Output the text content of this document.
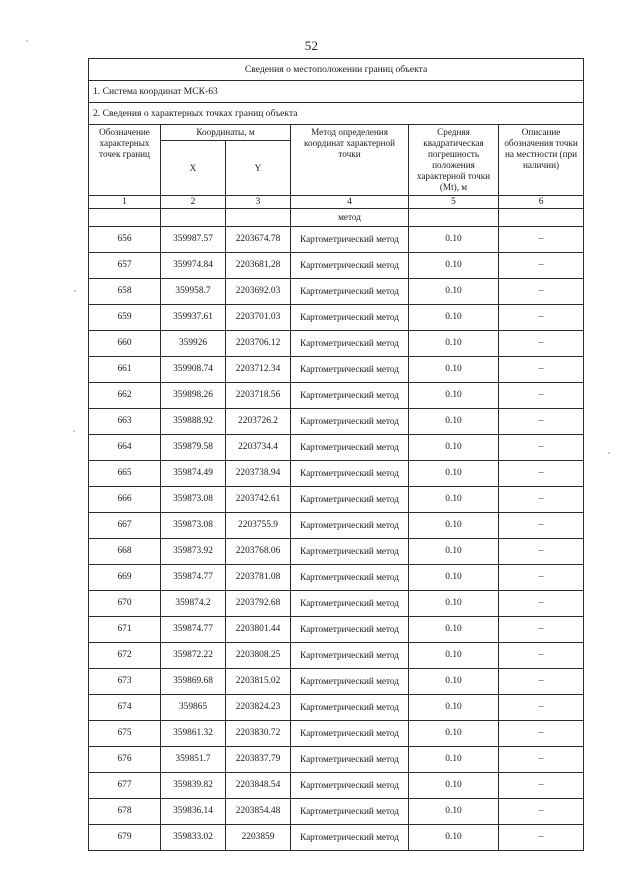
52
Сведения о местоположении границ объекта					
1. Система координат МСК-63					
2. Сведения о характерных точках границ объекта					
Обозначение характерных точек границ	Координаты, м		Метод определения координат характерной точки	Средняя квадратическая погрешность положения характерной точки (Мt), м	Описание обозначения точки на местности (при наличии)
	X	Y			
1	2	3	4	5	6
			метод		
656	359987.57	2203674.78	Картометрический метод	0.10	–
657	359974.84	2203681.28	Картометрический метод	0.10	–
658	359958.7	2203692.03	Картометрический метод	0.10	–
659	359937.61	2203701.03	Картометрический метод	0.10	–
660	359926	2203706.12	Картометрический метод	0.10	–
661	359908.74	2203712.34	Картометрический метод	0.10	–
662	359898.26	2203718.56	Картометрический метод	0.10	–
663	359888.92	2203726.2	Картометрический метод	0.10	–
664	359879.58	2203734.4	Картометрический метод	0.10	–
665	359874.49	2203738.94	Картометрический метод	0.10	–
666	359873.08	2203742.61	Картометрический метод	0.10	–
667	359873.08	2203755.9	Картометрический метод	0.10	–
668	359873.92	2203768.06	Картометрический метод	0.10	–
669	359874.77	2203781.08	Картометрический метод	0.10	–
670	359874.2	2203792.68	Картометрический метод	0.10	–
671	359874.77	2203801.44	Картометрический метод	0.10	–
672	359872.22	2203808.25	Картометрический метод	0.10	–
673	359869.68	2203815.02	Картометрический метод	0.10	–
674	359865	2203824.23	Картометрический метод	0.10	–
675	359861.32	2203830.72	Картометрический метод	0.10	–
676	359851.7	2203837.79	Картометрический метод	0.10	–
677	359839.82	2203848.54	Картометрический метод	0.10	–
678	359836.14	2203854.48	Картометрический метод	0.10	–
679	359833.02	2203859	Картометрический метод	0.10	–
